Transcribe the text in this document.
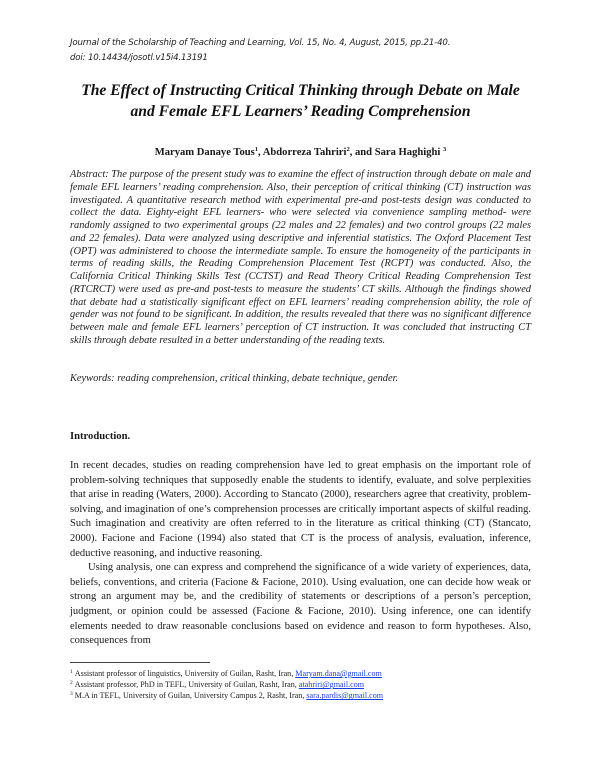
Journal of the Scholarship of Teaching and Learning, Vol. 15, No. 4, August, 2015, pp.21-40.
doi: 10.14434/josotl.v15i4.13191
The Effect of Instructing Critical Thinking through Debate on Male and Female EFL Learners’ Reading Comprehension
Maryam Danaye Tous$^1$, Abdorreza Tahriri$^2$, and Sara Haghighi $^3$
Abstract: The purpose of the present study was to examine the effect of instruction through debate on male and female EFL learners’ reading comprehension. Also, their perception of critical thinking (CT) instruction was investigated. A quantitative research method with experimental pre-and post-tests design was conducted to collect the data. Eighty-eight EFL learners- who were selected via convenience sampling method- were randomly assigned to two experimental groups (22 males and 22 females) and two control groups (22 males and 22 females). Data were analyzed using descriptive and inferential statistics. The Oxford Placement Test (OPT) was administered to choose the intermediate sample. To ensure the homogeneity of the participants in terms of reading skills, the Reading Comprehension Placement Test (RCPT) was conducted. Also, the California Critical Thinking Skills Test (CCTST) and Read Theory Critical Reading Comprehension Test (RTCRCT) were used as pre-and post-tests to measure the students’ CT skills. Although the findings showed that debate had a statistically significant effect on EFL learners’ reading comprehension ability, the role of gender was not found to be significant. In addition, the results revealed that there was no significant difference between male and female EFL learners’ perception of CT instruction. It was concluded that instructing CT skills through debate resulted in a better understanding of the reading texts.
Keywords: reading comprehension, critical thinking, debate technique, gender.
Introduction.

In recent decades, studies on reading comprehension have led to great emphasis on the important role of problem-solving techniques that supposedly enable the students to identify, evaluate, and solve perplexities that arise in reading (Waters, 2000). According to Stancato (2000), researchers agree that creativity, problem-solving, and imagination of one’s comprehension processes are critically important aspects of skilful reading. Such imagination and creativity are often referred to in the literature as critical thinking (CT) (Stancato, 2000). Facione and Facione (1994) also stated that CT is the process of analysis, evaluation, inference, deductive reasoning, and inductive reasoning.

Using analysis, one can express and comprehend the significance of a wide variety of experiences, data, beliefs, conventions, and criteria (Facione & Facione, 2010). Using evaluation, one can decide how weak or strong an argument may be, and the credibility of statements or descriptions of a person’s perception, judgment, or opinion could be assessed (Facione & Facione, 2010). Using inference, one can identify elements needed to draw reasonable conclusions based on evidence and reason to form hypotheses. Also, consequences from

$^1$ Assistant professor of linguistics, University of Guilan, Rasht, Iran, Maryam.dana@gmail.com
$^2$ Assistant professor, PhD in TEFL, University of Guilan, Rasht, Iran, atahriri@gmail.com
$^3$ M.A in TEFL, University of Guilan, University Campus 2, Rasht, Iran, sara.pardis@gmail.com
